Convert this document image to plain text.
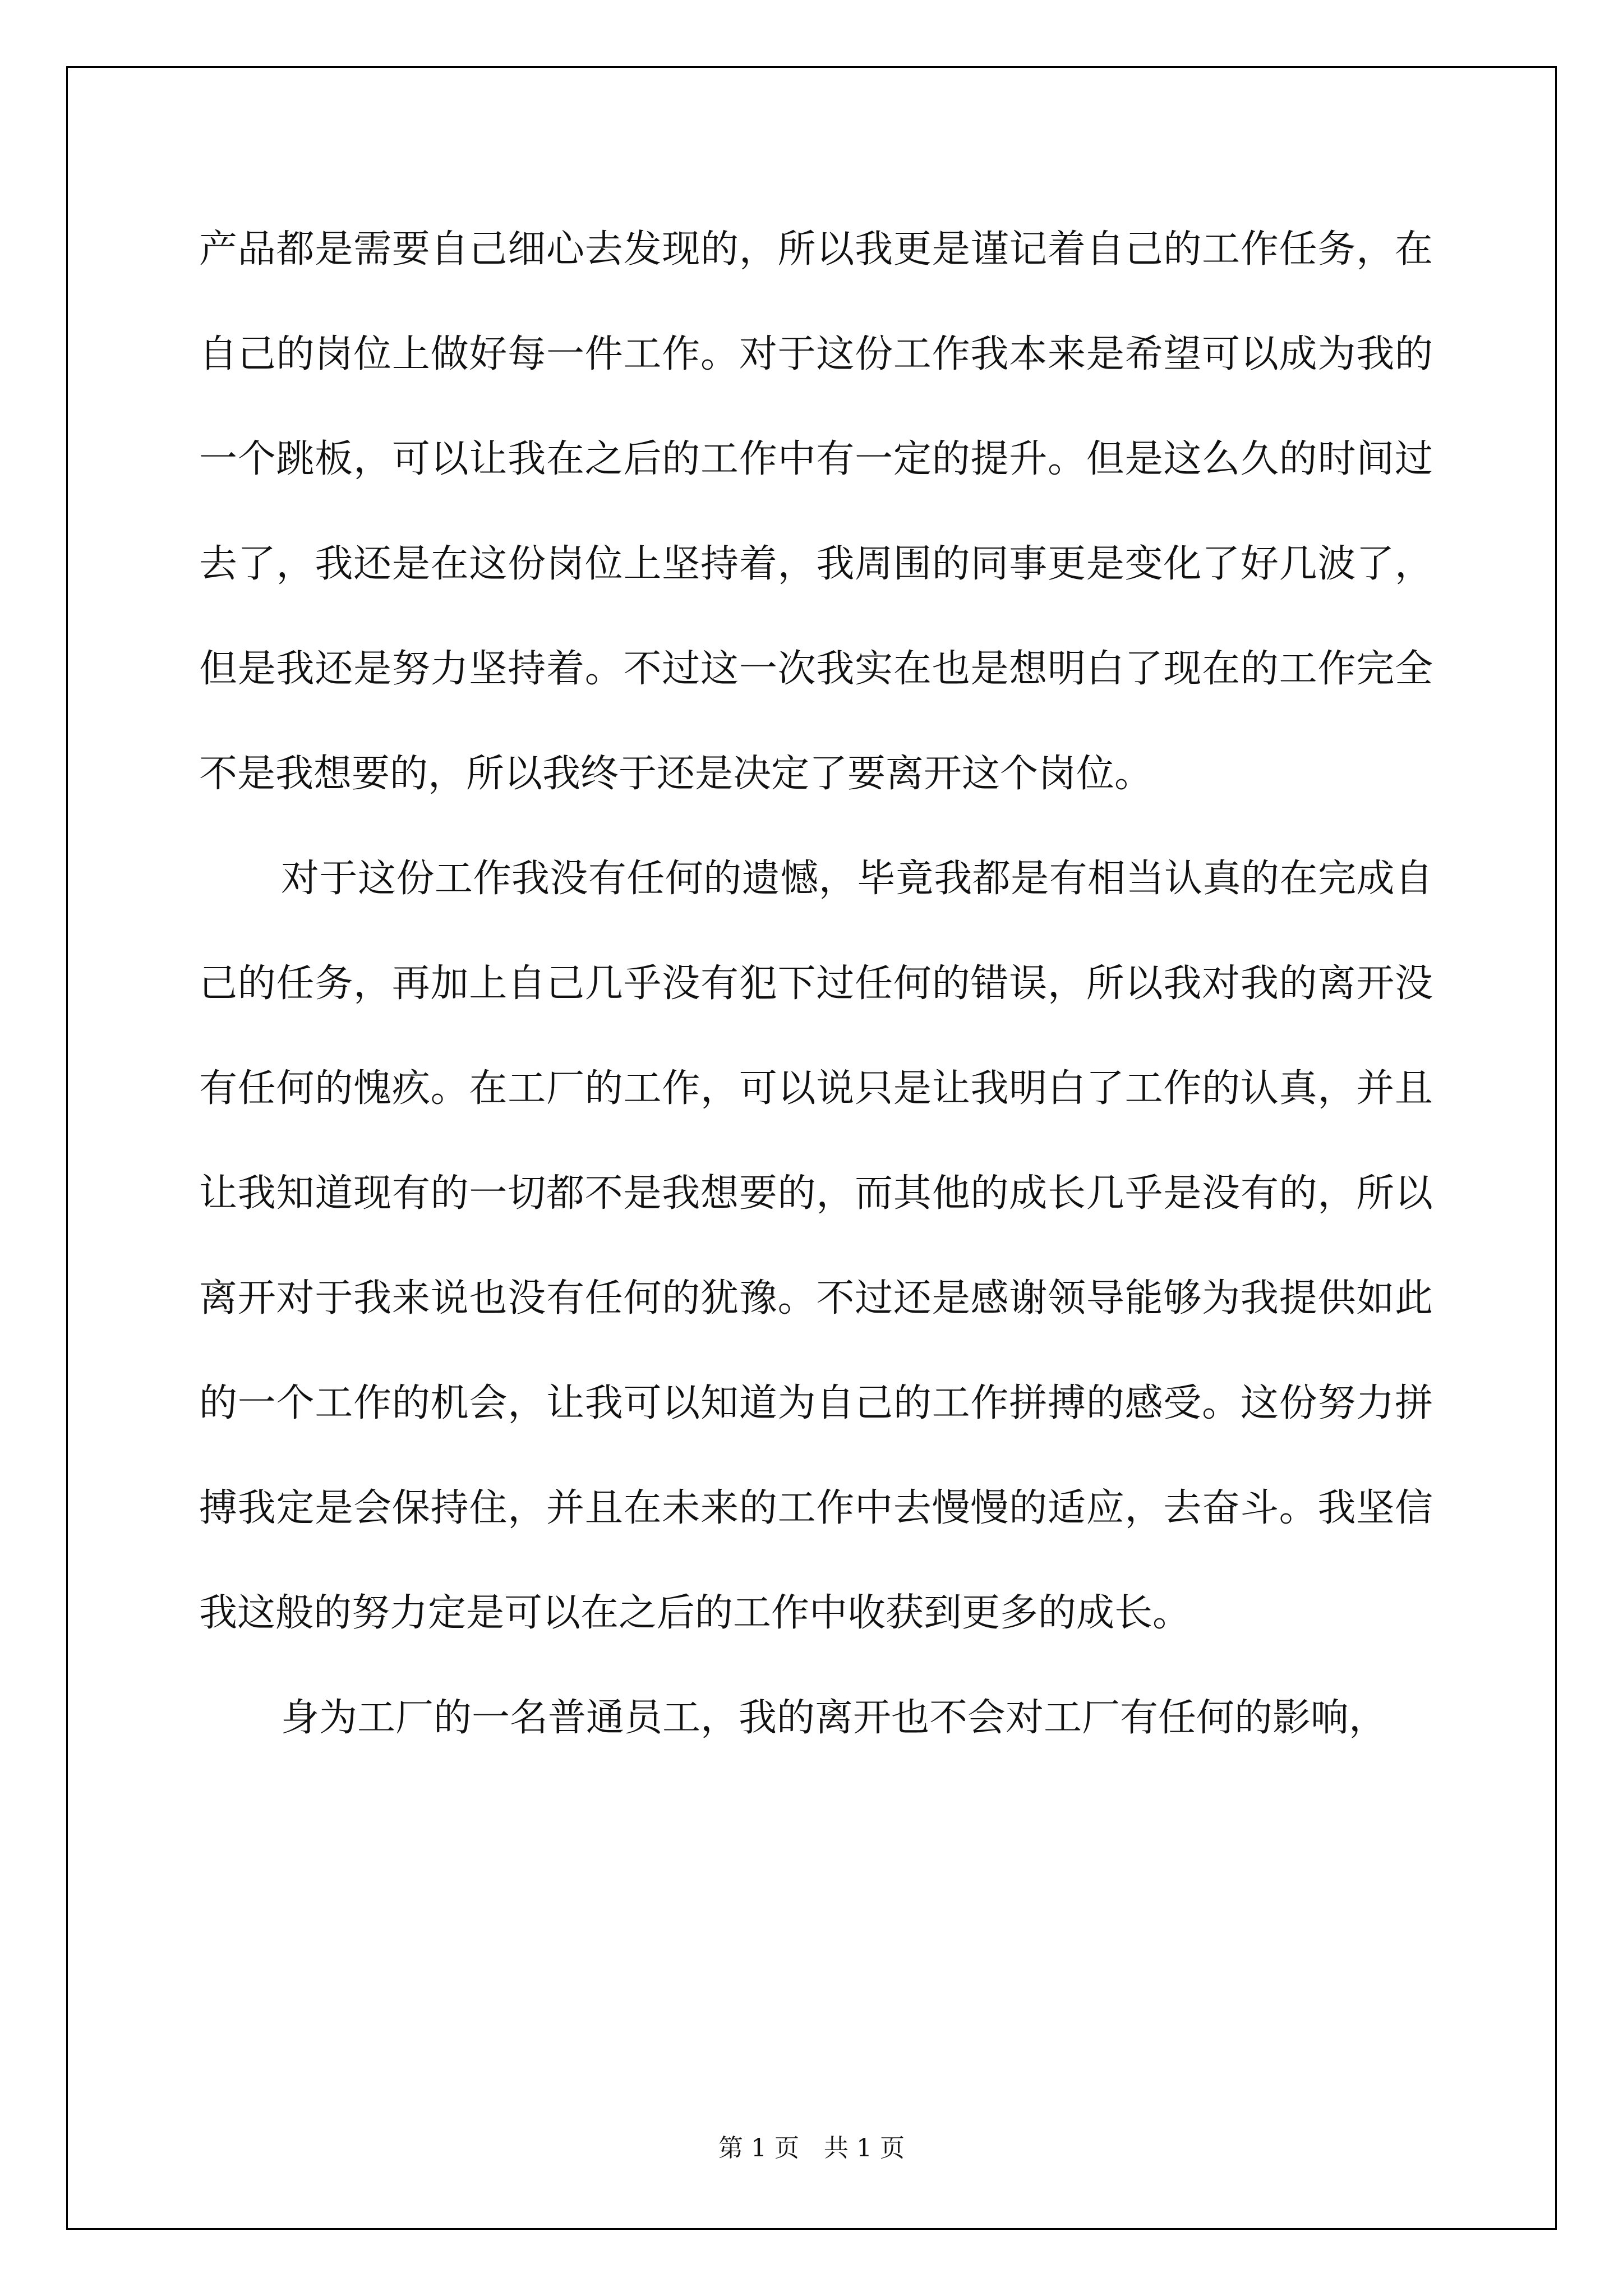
产品都是需要自己细心去发现的，所以我更是谨记着自己的工作任务，在自己的岗位上做好每一件工作。对于这份工作我本来是希望可以成为我的一个跳板，可以让我在之后的工作中有一定的提升。但是这么久的时间过去了，我还是在这份岗位上坚持着，我周围的同事更是变化了好几波了，但是我还是努力坚持着。不过这一次我实在也是想明白了现在的工作完全不是我想要的，所以我终于还是决定了要离开这个岗位。

对于这份工作我没有任何的遗憾，毕竟我都是有相当认真的在完成自己的任务，再加上自己几乎没有犯下过任何的错误，所以我对我的离开没有任何的愧疚。在工厂的工作，可以说只是让我明白了工作的认真，并且让我知道现有的一切都不是我想要的，而其他的成长几乎是没有的，所以离开对于我来说也没有任何的犹豫。不过还是感谢领导能够为我提供如此的一个工作的机会，让我可以知道为自己的工作拼搏的感受。这份努力拼搏我定是会保持住，并且在未来的工作中去慢慢的适应，去奋斗。我坚信我这般的努力定是可以在之后的工作中收获到更多的成长。

身为工厂的一名普通员工，我的离开也不会对工厂有任何的影响，

第 1 页　共 1 页
